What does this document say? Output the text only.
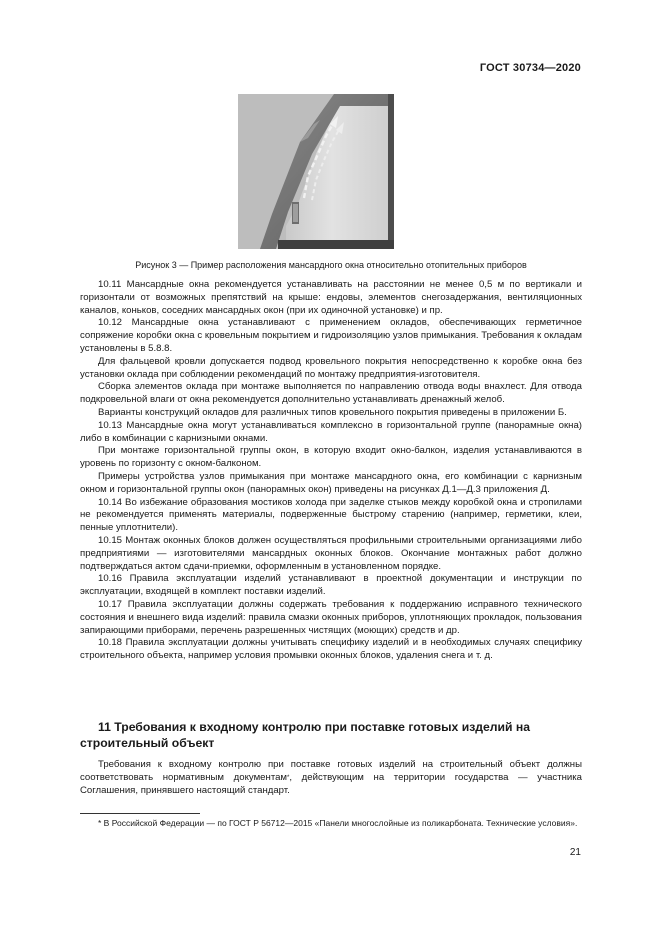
ГОСТ 30734—2020
Рисунок 3 — Пример расположения мансардного окна относительно отопительных приборов

10.11 Мансардные окна рекомендуется устанавливать на расстоянии не менее 0,5 м по вертикали и горизонтали от возможных препятствий на крыше: ендовы, элементов снегозадержания, вентиляционных каналов, коньков, соседних мансардных окон (при их одиночной установке) и пр.

10.12 Мансардные окна устанавливают с применением окладов, обеспечивающих герметичное сопряжение коробки окна с кровельным покрытием и гидроизоляцию узлов примыкания. Требования к окладам установлены в 5.8.8.

Для фальцевой кровли допускается подвод кровельного покрытия непосредственно к коробке окна без установки оклада при соблюдении рекомендаций по монтажу предприятия-изготовителя.

Сборка элементов оклада при монтаже выполняется по направлению отвода воды внахлест. Для отвода подкровельной влаги от окна рекомендуется дополнительно устанавливать дренажный желоб.

Варианты конструкций окладов для различных типов кровельного покрытия приведены в приложении Б.

10.13 Мансардные окна могут устанавливаться комплексно в горизонтальной группе (панорамные окна) либо в комбинации с карнизными окнами.

При монтаже горизонтальной группы окон, в которую входит окно-балкон, изделия устанавливаются в уровень по горизонту с окном-балконом.

Примеры устройства узлов примыкания при монтаже мансардного окна, его комбинации с карнизным окном и горизонтальной группы окон (панорамных окон) приведены на рисунках Д.1—Д.3 приложения Д.

10.14 Во избежание образования мостиков холода при заделке стыков между коробкой окна и стропилами не рекомендуется применять материалы, подверженные быстрому старению (например, герметики, клеи, пенные уплотнители).

10.15 Монтаж оконных блоков должен осуществляться профильными строительными организациями либо предприятиями — изготовителями мансардных оконных блоков. Окончание монтажных работ должно подтверждаться актом сдачи-приемки, оформленным в установленном порядке.

10.16 Правила эксплуатации изделий устанавливают в проектной документации и инструкции по эксплуатации, входящей в комплект поставки изделий.

10.17 Правила эксплуатации должны содержать требования к поддержанию исправного технического состояния и внешнего вида изделий: правила смазки оконных приборов, уплотняющих прокладок, пользования запирающими приборами, перечень разрешенных чистящих (моющих) средств и др.

10.18 Правила эксплуатации должны учитывать специфику изделий и в необходимых случаях специфику строительного объекта, например условия промывки оконных блоков, удаления снега и т. д.

11 Требования к входному контролю при поставке готовых изделий на строительный объект

Требования к входному контролю при поставке готовых изделий на строительный объект должны соответствовать нормативным документам*, действующим на территории государства — участника Соглашения, принявшего настоящий стандарт.

* В Российской Федерации — по ГОСТ Р 56712—2015 «Панели многослойные из поликарбоната. Технические условия».
21
